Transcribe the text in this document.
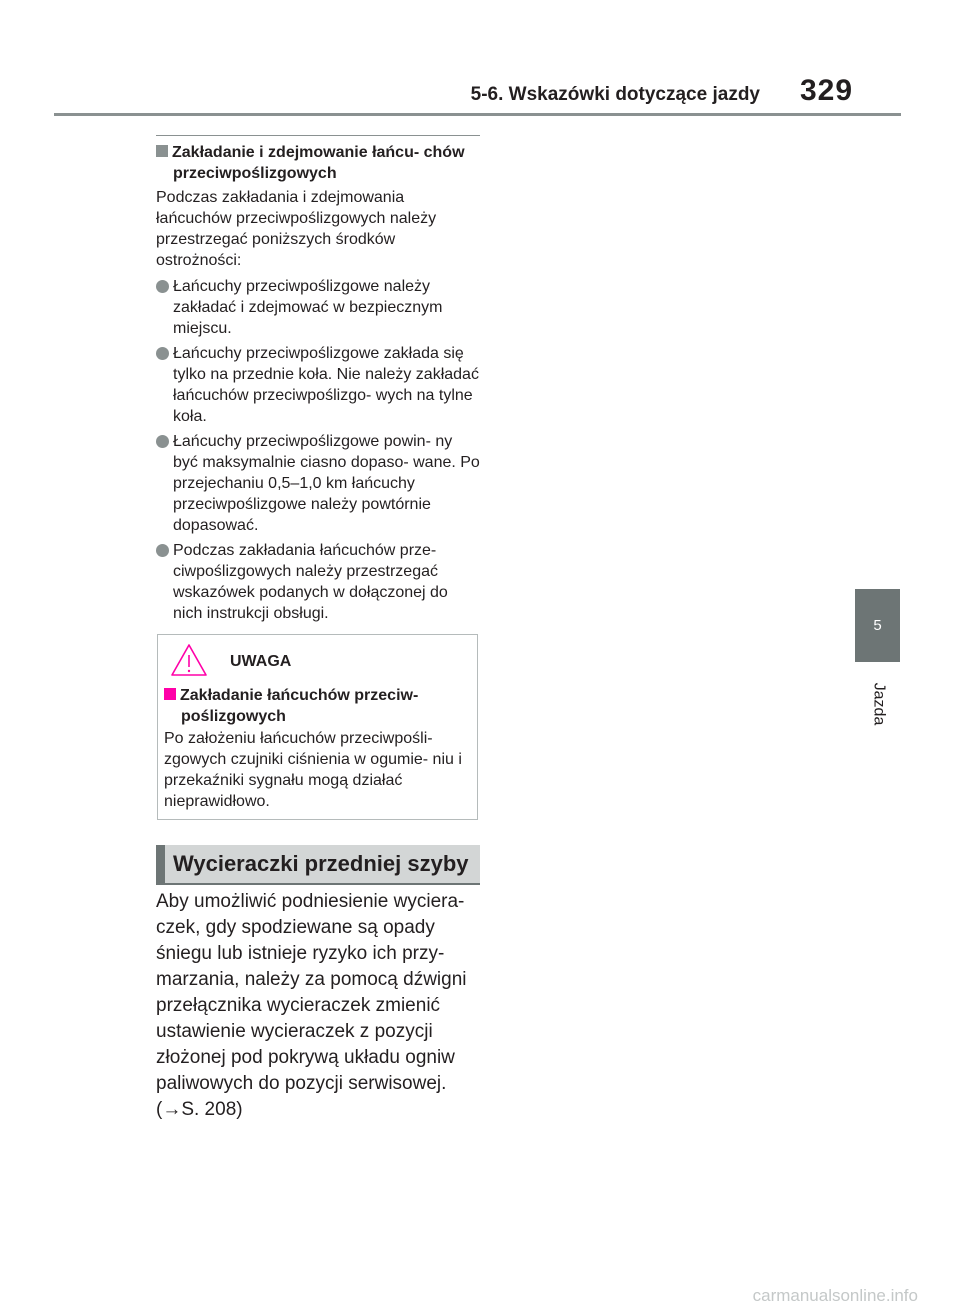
5-6. Wskazówki dotyczące jazdy 329
5
Jazda
Zakładanie i zdejmowanie łańcu- chów przeciwpoślizgowych
Podczas zakładania i zdejmowania łańcuchów przeciwpoślizgowych należy przestrzegać poniższych środków ostrożności:
Łańcuchy przeciwpoślizgowe należy zakładać i zdejmować w bezpiecznym miejscu.
Łańcuchy przeciwpoślizgowe zakłada się tylko na przednie koła. Nie należy zakładać łańcuchów przeciwpoślizgo- wych na tylne koła.
Łańcuchy przeciwpoślizgowe powin- ny być maksymalnie ciasno dopaso- wane. Po przejechaniu 0,5–1,0 km łańcuchy przeciwpoślizgowe należy powtórnie dopasować.
Podczas zakładania łańcuchów prze- ciwpoślizgowych należy przestrzegać wskazówek podanych w dołączonej do nich instrukcji obsługi.
UWAGA
Zakładanie łańcuchów przeciw- poślizgowych
Po założeniu łańcuchów przeciwpośli- zgowych czujniki ciśnienia w ogumie- niu i przekaźniki sygnału mogą działać nieprawidłowo.
Wycieraczki przedniej szyby
Aby umożliwić podniesienie wyciera- czek, gdy spodziewane są opady śniegu lub istnieje ryzyko ich przy- marzania, należy za pomocą dźwigni przełącznika wycieraczek zmienić ustawienie wycieraczek z pozycji złożonej pod pokrywą układu ogniw paliwowych do pozycji serwisowej. (→S. 208)
carmanualsonline.info
